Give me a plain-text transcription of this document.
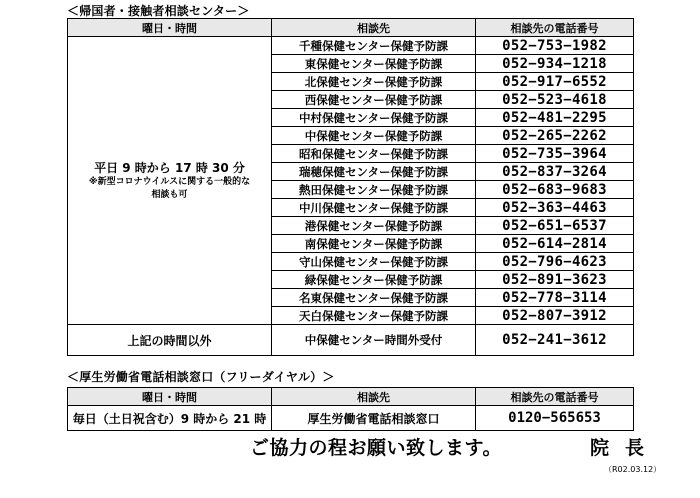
＜帰国者・接触者相談センター＞
曜日・時間	相談先	相談先の電話番号
平日 9 時から 17 時 30 分
※新型コロナウイルスに関する一般的な
相談も可	千種保健センター保健予防課	052−753−1982
	東保健センター保健予防課	052−934−1218
	北保健センター保健予防課	052−917−6552
	西保健センター保健予防課	052−523−4618
	中村保健センター保健予防課	052−481−2295
	中保健センター保健予防課	052−265−2262
	昭和保健センター保健予防課	052−735−3964
	瑞穂保健センター保健予防課	052−837−3264
	熱田保健センター保健予防課	052−683−9683
	中川保健センター保健予防課	052−363−4463
	港保健センター保健予防課	052−651−6537
	南保健センター保健予防課	052−614−2814
	守山保健センター保健予防課	052−796−4623
	緑保健センター保健予防課	052−891−3623
	名東保健センター保健予防課	052−778−3114
	天白保健センター保健予防課	052−807−3912
上記の時間以外	中保健センター時間外受付	052−241−3612
＜厚生労働省電話相談窓口（フリーダイヤル）＞
曜日・時間	相談先	相談先の電話番号
毎日（土日祝含む）9 時から 21 時	厚生労働省電話相談窓口	0120−565653
ご協力の程お願い致します。	院長
（R02.03.12）
